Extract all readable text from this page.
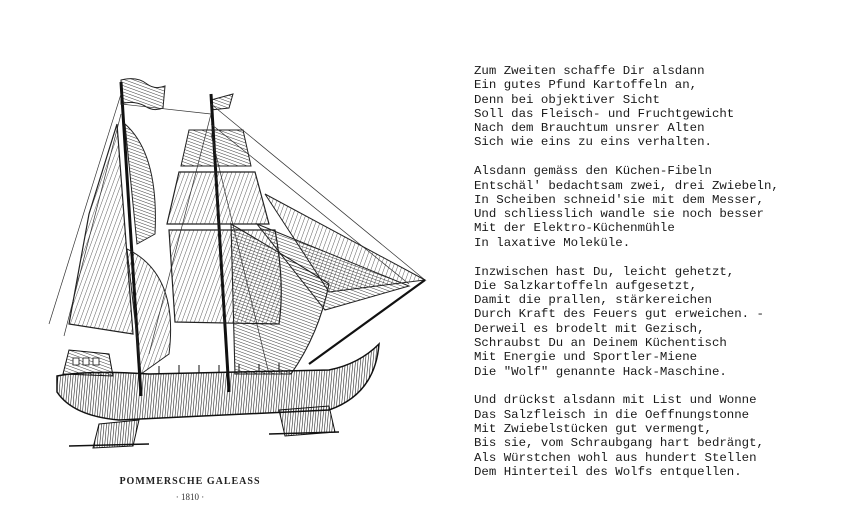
POMMERSCHE GALEASS
· 1810 ·
Zum Zweiten schaffe Dir alsdann
Ein gutes Pfund Kartoffeln an,
Denn bei objektiver Sicht
Soll das Fleisch- und Fruchtgewicht
Nach dem Brauchtum unsrer Alten
Sich wie eins zu eins verhalten.
Alsdann gemäss den Küchen-Fibeln
Entschäl' bedachtsam zwei, drei Zwiebeln,
In Scheiben schneid'sie mit dem Messer,
Und schliesslich wandle sie noch besser
Mit der Elektro-Küchenmühle
In laxative Moleküle.
Inzwischen hast Du, leicht gehetzt,
Die Salzkartoffeln aufgesetzt,
Damit die prallen, stärkereichen
Durch Kraft des Feuers gut erweichen. -
Derweil es brodelt mit Gezisch,
Schraubst Du an Deinem Küchentisch
Mit Energie und Sportler-Miene
Die "Wolf" genannte Hack-Maschine.
Und drückst alsdann mit List und Wonne
Das Salzfleisch in die Oeffnungstonne
Mit Zwiebelstücken gut vermengt,
Bis sie, vom Schraubgang hart bedrängt,
Als Würstchen wohl aus hundert Stellen
Dem Hinterteil des Wolfs entquellen.
